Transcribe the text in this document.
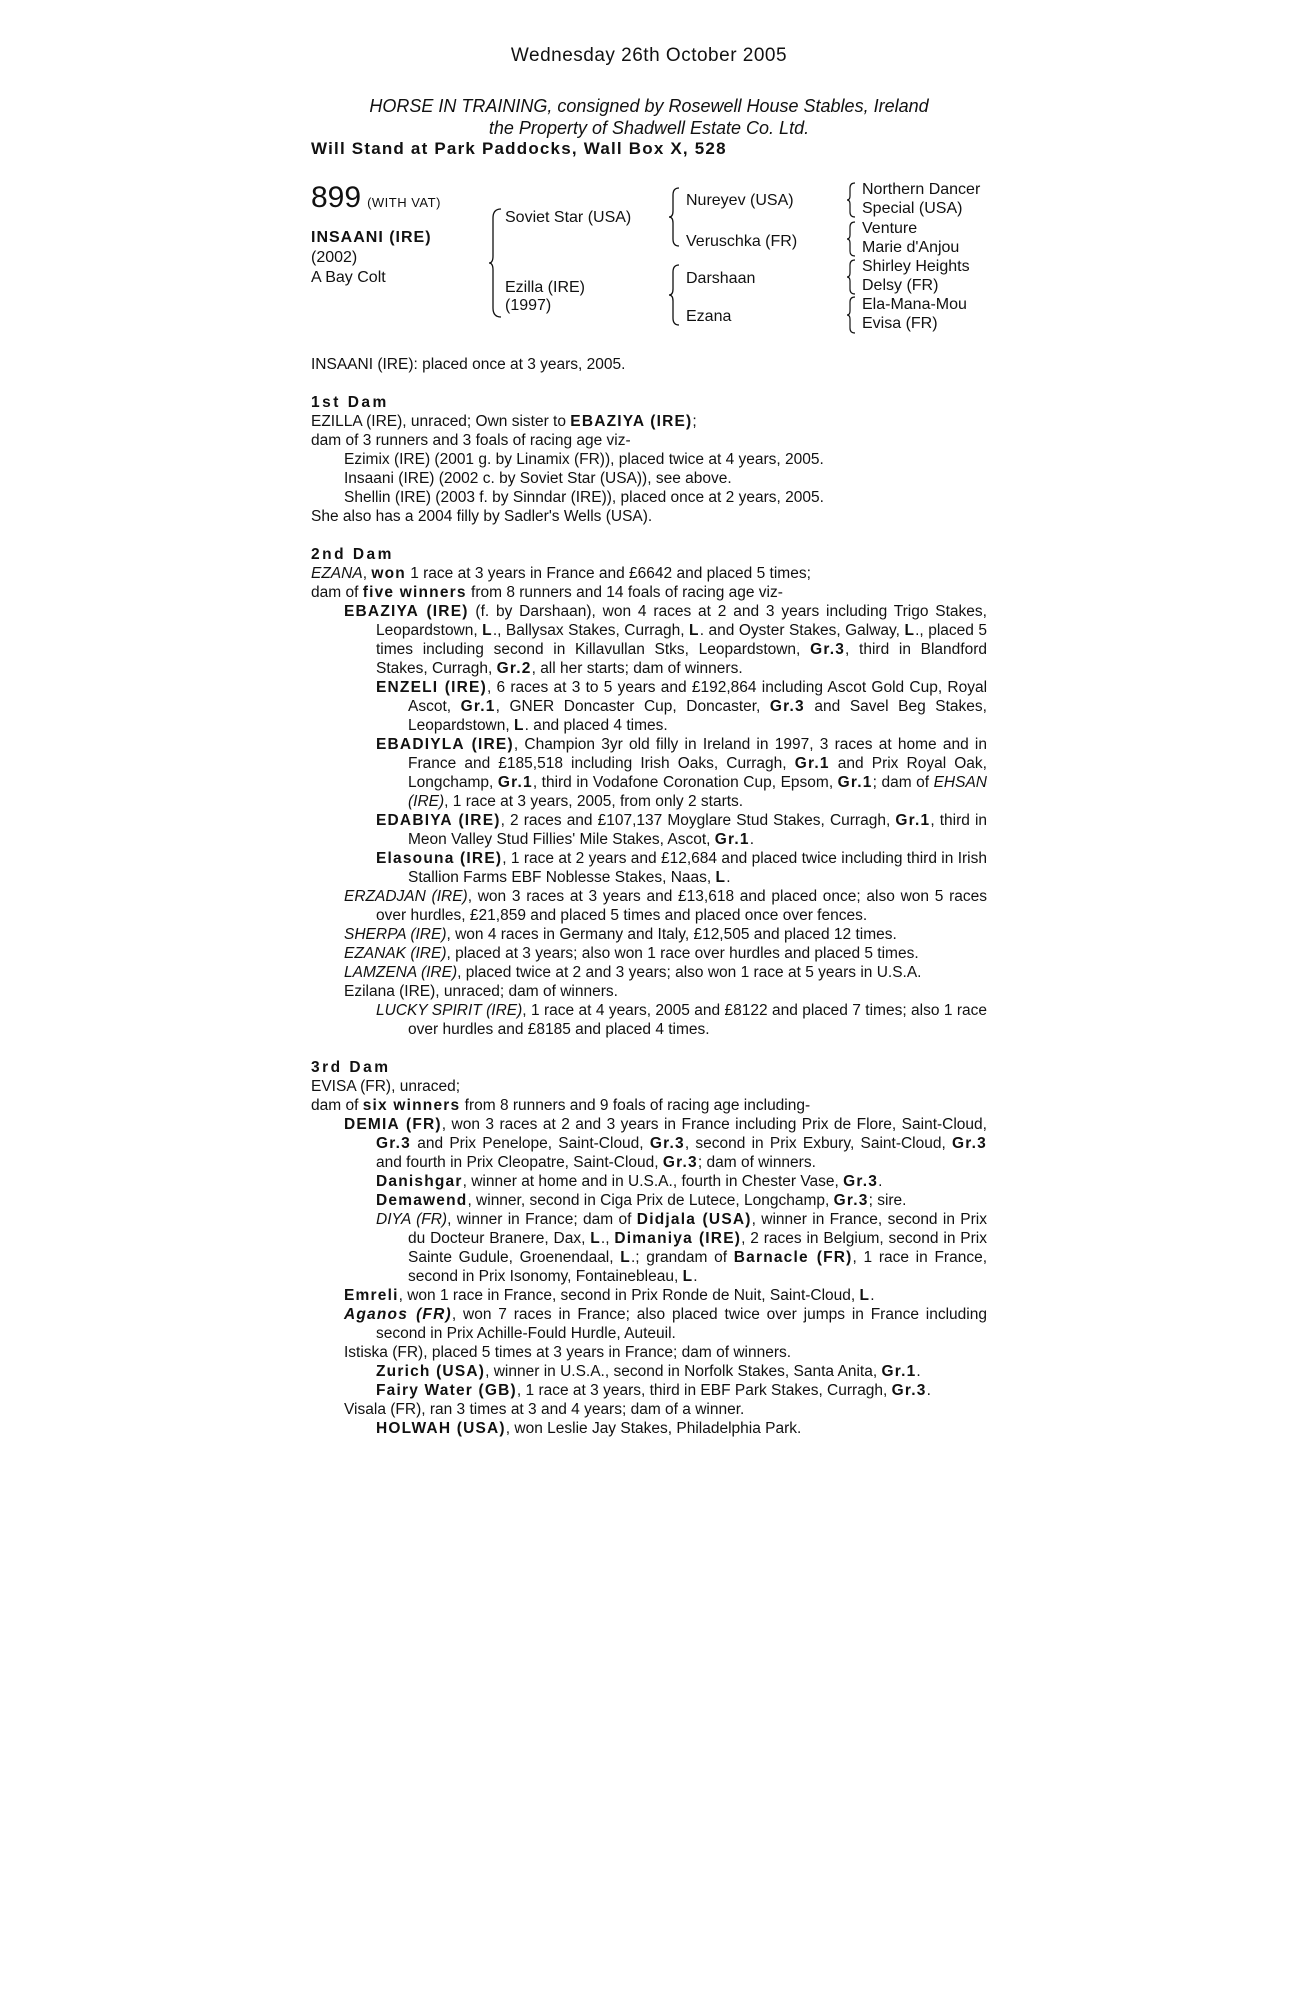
Wednesday 26th October 2005
HORSE IN TRAINING, consigned by Rosewell House Stables, Ireland
the Property of Shadwell Estate Co. Ltd.
Will Stand at Park Paddocks, Wall Box X, 528
899 (WITH VAT)
INSAANI (IRE)
(2002)
A Bay Colt
Soviet Star (USA)
Ezilla (IRE)
(1997)
Nureyev (USA)
Veruschka (FR)
Darshaan
Ezana
Northern Dancer
Special (USA)
Venture
Marie d'Anjou
Shirley Heights
Delsy (FR)
Ela-Mana-Mou
Evisa (FR)

INSAANI (IRE): placed once at 3 years, 2005.

1st Dam

EZILLA (IRE), unraced; Own sister to EBAZIYA (IRE);

dam of 3 runners and 3 foals of racing age viz-

Ezimix (IRE) (2001 g. by Linamix (FR)), placed twice at 4 years, 2005.

Insaani (IRE) (2002 c. by Soviet Star (USA)), see above.

Shellin (IRE) (2003 f. by Sinndar (IRE)), placed once at 2 years, 2005.

She also has a 2004 filly by Sadler's Wells (USA).

2nd Dam

EZANA, won 1 race at 3 years in France and £6642 and placed 5 times;

dam of five winners from 8 runners and 14 foals of racing age viz-

EBAZIYA (IRE) (f. by Darshaan), won 4 races at 2 and 3 years including Trigo Stakes, Leopardstown, L., Ballysax Stakes, Curragh, L. and Oyster Stakes, Galway, L., placed 5 times including second in Killavullan Stks, Leopardstown, Gr.3, third in Blandford Stakes, Curragh, Gr.2, all her starts; dam of winners.

ENZELI (IRE), 6 races at 3 to 5 years and £192,864 including Ascot Gold Cup, Royal Ascot, Gr.1, GNER Doncaster Cup, Doncaster, Gr.3 and Savel Beg Stakes, Leopardstown, L. and placed 4 times.

EBADIYLA (IRE), Champion 3yr old filly in Ireland in 1997, 3 races at home and in France and £185,518 including Irish Oaks, Curragh, Gr.1 and Prix Royal Oak, Longchamp, Gr.1, third in Vodafone Coronation Cup, Epsom, Gr.1; dam of EHSAN (IRE), 1 race at 3 years, 2005, from only 2 starts.

EDABIYA (IRE), 2 races and £107,137 Moyglare Stud Stakes, Curragh, Gr.1, third in Meon Valley Stud Fillies' Mile Stakes, Ascot, Gr.1.

Elasouna (IRE), 1 race at 2 years and £12,684 and placed twice including third in Irish Stallion Farms EBF Noblesse Stakes, Naas, L.

ERZADJAN (IRE), won 3 races at 3 years and £13,618 and placed once; also won 5 races over hurdles, £21,859 and placed 5 times and placed once over fences.

SHERPA (IRE), won 4 races in Germany and Italy, £12,505 and placed 12 times.

EZANAK (IRE), placed at 3 years; also won 1 race over hurdles and placed 5 times.

LAMZENA (IRE), placed twice at 2 and 3 years; also won 1 race at 5 years in U.S.A.

Ezilana (IRE), unraced; dam of winners.

LUCKY SPIRIT (IRE), 1 race at 4 years, 2005 and £8122 and placed 7 times; also 1 race over hurdles and £8185 and placed 4 times.

3rd Dam

EVISA (FR), unraced;

dam of six winners from 8 runners and 9 foals of racing age including-

DEMIA (FR), won 3 races at 2 and 3 years in France including Prix de Flore, Saint-Cloud, Gr.3 and Prix Penelope, Saint-Cloud, Gr.3, second in Prix Exbury, Saint-Cloud, Gr.3 and fourth in Prix Cleopatre, Saint-Cloud, Gr.3; dam of winners.

Danishgar, winner at home and in U.S.A., fourth in Chester Vase, Gr.3.

Demawend, winner, second in Ciga Prix de Lutece, Longchamp, Gr.3; sire.

DIYA (FR), winner in France; dam of Didjala (USA), winner in France, second in Prix du Docteur Branere, Dax, L., Dimaniya (IRE), 2 races in Belgium, second in Prix Sainte Gudule, Groenendaal, L.; grandam of Barnacle (FR), 1 race in France, second in Prix Isonomy, Fontainebleau, L.

Emreli, won 1 race in France, second in Prix Ronde de Nuit, Saint-Cloud, L.

Aganos (FR), won 7 races in France; also placed twice over jumps in France including second in Prix Achille-Fould Hurdle, Auteuil.

Istiska (FR), placed 5 times at 3 years in France; dam of winners.

Zurich (USA), winner in U.S.A., second in Norfolk Stakes, Santa Anita, Gr.1.

Fairy Water (GB), 1 race at 3 years, third in EBF Park Stakes, Curragh, Gr.3.

Visala (FR), ran 3 times at 3 and 4 years; dam of a winner.

HOLWAH (USA), won Leslie Jay Stakes, Philadelphia Park.
